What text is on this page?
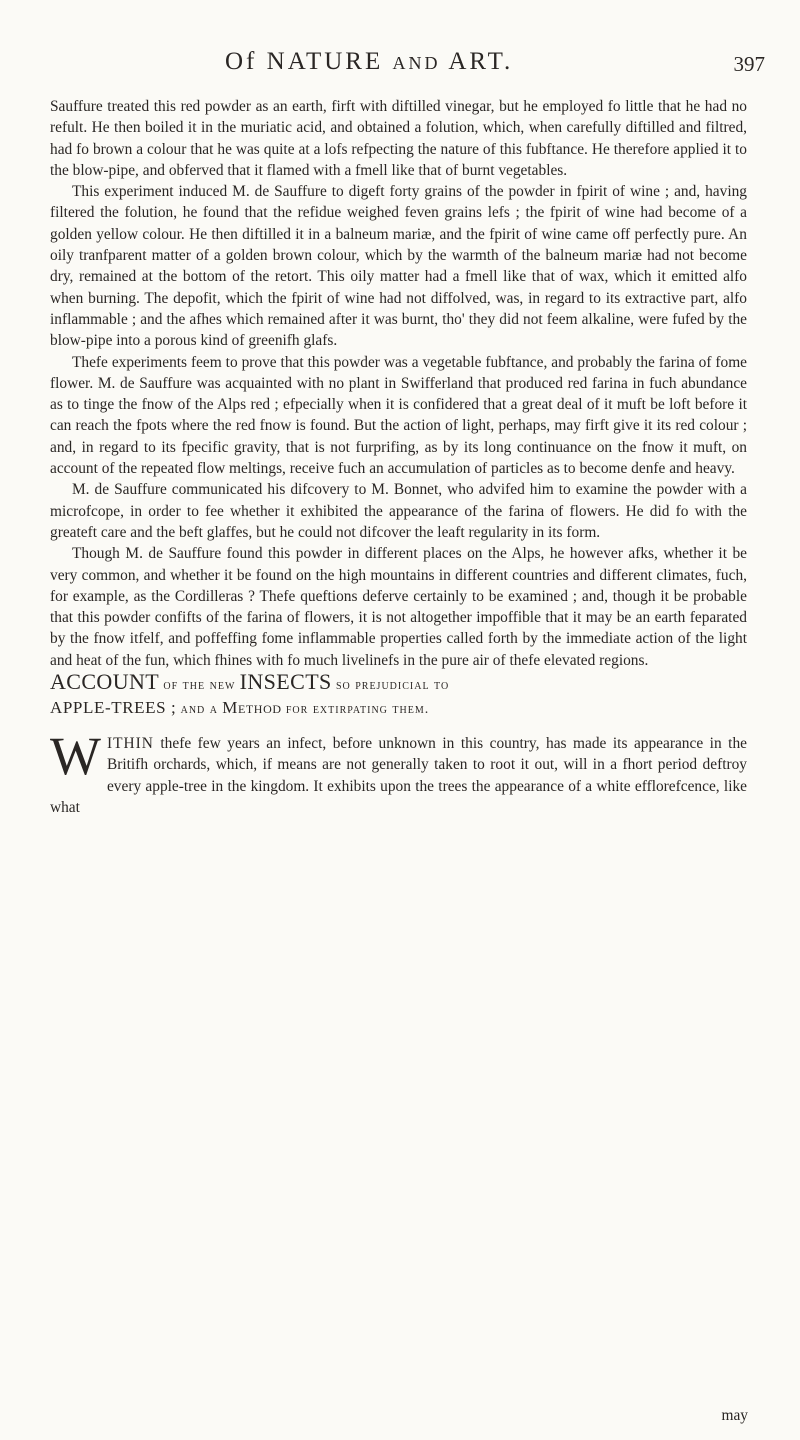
Of NATURE and ART.	397

Sauffure treated this red powder as an earth, firft with diftilled vinegar, but he employed fo little that he had no refult. He then boiled it in the muriatic acid, and obtained a folution, which, when carefully diftilled and filtred, had fo brown a colour that he was quite at a lofs refpecting the nature of this fubftance. He therefore applied it to the blow-pipe, and obferved that it flamed with a fmell like that of burnt vegetables.

This experiment induced M. de Sauffure to digeft forty grains of the powder in fpirit of wine ; and, having filtered the folution, he found that the refidue weighed feven grains lefs ; the fpirit of wine had become of a golden yellow colour. He then diftilled it in a balneum mariæ, and the fpirit of wine came off perfectly pure. An oily tranfparent matter of a golden brown colour, which by the warmth of the balneum mariæ had not become dry, remained at the bottom of the retort. This oily matter had a fmell like that of wax, which it emitted alfo when burning. The depofit, which the fpirit of wine had not diffolved, was, in regard to its extractive part, alfo inflammable ; and the afhes which remained after it was burnt, tho' they did not feem alkaline, were fufed by the blow-pipe into a porous kind of greenifh glafs.

Thefe experiments feem to prove that this powder was a vegetable fubftance, and probably the farina of fome flower. M. de Sauffure was acquainted with no plant in Swifferland that produced red farina in fuch abundance as to tinge the fnow of the Alps red ; efpecially when it is confidered that a great deal of it muft be loft before it can reach the fpots where the red fnow is found. But the action of light, perhaps, may firft give it its red colour ; and, in regard to its fpecific gravity, that is not furprifing, as by its long continuance on the fnow it muft, on account of the repeated flow meltings, receive fuch an accumulation of particles as to become denfe and heavy.

M. de Sauffure communicated his difcovery to M. Bonnet, who advifed him to examine the powder with a microfcope, in order to fee whether it exhibited the appearance of the farina of flowers. He did fo with the greateft care and the beft glaffes, but he could not difcover the leaft regularity in its form.

Though M. de Sauffure found this powder in different places on the Alps, he however afks, whether it be very common, and whether it be found on the high mountains in different countries and different climates, fuch, for example, as the Cordilleras ? Thefe queftions deferve certainly to be examined ; and, though it be probable that this powder confifts of the farina of flowers, it is not altogether impoffible that it may be an earth feparated by the fnow itfelf, and poffeffing fome inflammable properties called forth by the immediate action of the light and heat of the fun, which fhines with fo much livelinefs in the pure air of thefe elevated regions.

ACCOUNT of the new INSECTS so prejudicial to
APPLE-TREES ; and a Method for extirpating them.

WITHIN thefe few years an infect, before unknown in this country, has made its appearance in the Britifh orchards, which, if means are not generally taken to root it out, will in a fhort period deftroy every apple-tree in the kingdom. It exhibits upon the trees the appearance of a white efflorefcence, like what

may
